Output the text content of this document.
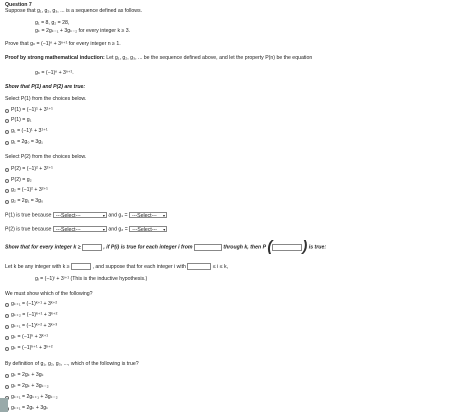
Question 7
Suppose that g₁, g₂, g₃, ... is a sequence defined as follows.
g₁ = 8, g₂ = 28,
gₖ = 2gₖ₋₁ + 3gₖ₋₂ for every integer k ≥ 3.
Prove that gₙ = (−1)ⁿ + 3ⁿ⁺¹ for every integer n ≥ 1.
Proof by strong mathematical induction: Let g₁, g₂, g₃, ... be the sequence defined above, and let the property P(n) be the equation
gₙ = (−1)ⁿ + 3ⁿ⁺¹.
Show that P(1) and P(2) are true:
Select P(1) from the choices below.
P(1) = (−1)¹ + 3¹⁺¹
P(1) = g₁
g₁ = (−1)¹ + 3¹⁺¹
g₁ = 2g₀ = 3g₁
Select P(2) from the choices below.
P(2) = (−1)² + 3²⁺¹
P(2) = g₂
g₂ = (−1)² + 3²⁺¹
g₂ = 2g₁ = 3g₀
P(1) is true because ---Select---	▾ and g₁ = ---Select--- ▾
P(2) is true because ---Select---	▾ and g₂ = ---Select--- ▾
Show that for every integer k ≥	, if P(i) is true for each integer i from	through k, then P ( ) is true:
Let k be any integer with k ≥	, and suppose that for each integer i with	≤ i ≤ k,
gᵢ = (−1)ⁱ + 3ⁱ⁺¹ (This is the inductive hypothesis.)
We must show which of the following?
gₖ₊₁ = (−1)ᵏ⁺¹ + 3ᵏ⁺²
gₖ₊₂ = (−1)ᵏ⁺¹ + 3ᵏ⁺²
gₖ₊₁ = (−1)ᵏ⁺² + 3ᵏ⁺³
gₖ = (−1)ᵏ + 3ᵏ⁺¹
gₖ = (−1)ᵏ⁺¹ + 3ᵏ⁺²
By definition of g₁, g₂, g₃, ..., which of the following is true?
gₖ = 2gₖ + 3gₖ
gₖ = 2gₖ + 3gₖ₋₂
gₖ₊₁ = 2gₖ₊₁ + 3gₖ₋₂
gₖ₊₁ = 2gₖ + 3gₖ
